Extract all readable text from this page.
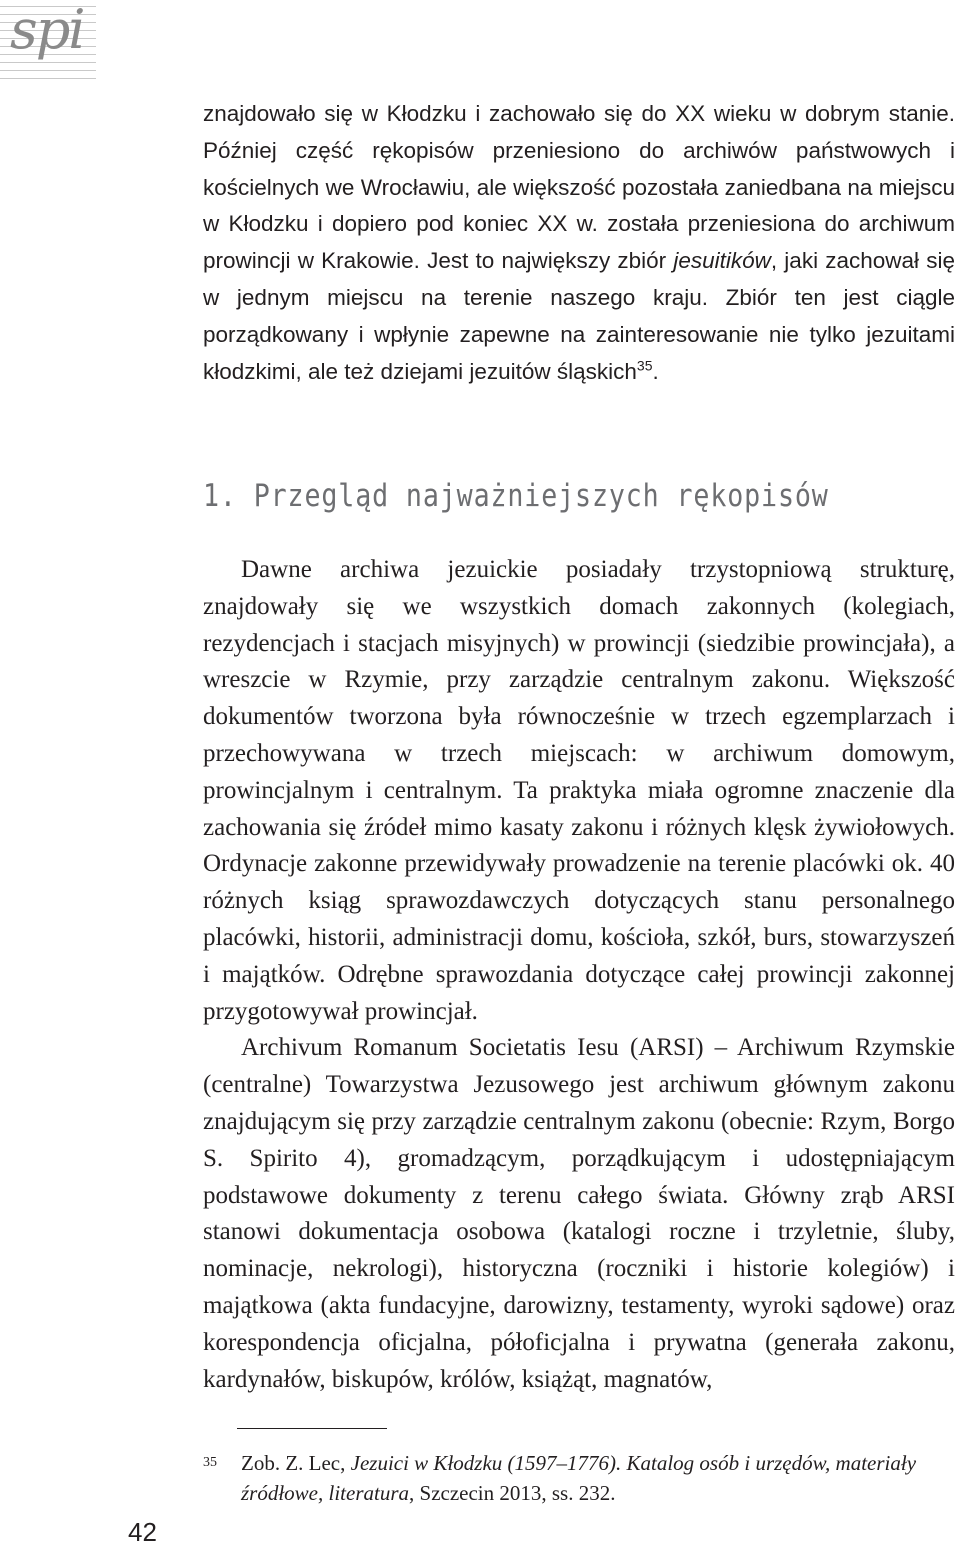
spi

znajdowało się w Kłodzku i zachowało się do XX wieku w dobrym stanie. Później część rękopisów przeniesiono do archiwów państwowych i kościelnych we Wrocławiu, ale większość pozostała zaniedbana na miejscu w Kłodzku i dopiero pod koniec XX w. została przeniesiona do archiwum prowincji w Krakowie. Jest to największy zbiór jesuitików, jaki zachował się w jednym miejscu na terenie naszego kraju. Zbiór ten jest ciągle porządkowany i wpłynie zapewne na zainteresowanie nie tylko jezuitami kłodzkimi, ale też dziejami jezuitów śląskich$^{35}$.

1. Przegląd najważniejszych rękopisów

Dawne archiwa jezuickie posiadały trzystopniową strukturę, znajdowały się we wszystkich domach zakonnych (kolegiach, rezydencjach i stacjach misyjnych) w prowincji (siedzibie prowincjała), a wreszcie w Rzymie, przy zarządzie centralnym zakonu. Większość dokumentów tworzona była równocześnie w trzech egzemplarzach i przechowywana w trzech miejscach: w archiwum domowym, prowincjalnym i centralnym. Ta praktyka miała ogromne znaczenie dla zachowania się źródeł mimo kasaty zakonu i różnych klęsk żywiołowych. Ordynacje zakonne przewidywały prowadzenie na terenie placówki ok. 40 różnych ksiąg sprawozdawczych dotyczących stanu personalnego placówki, historii, administracji domu, kościoła, szkół, burs, stowarzyszeń i majątków. Odrębne sprawozdania dotyczące całej prowincji zakonnej przygotowywał prowincjał.

Archivum Romanum Societatis Iesu (ARSI) – Archiwum Rzymskie (centralne) Towarzystwa Jezusowego jest archiwum głównym zakonu znajdującym się przy zarządzie centralnym zakonu (obecnie: Rzym, Borgo S. Spirito 4), gromadzącym, porządkującym i udostępniającym podstawowe dokumenty z terenu całego świata. Główny zrąb ARSI stanowi dokumentacja osobowa (katalogi roczne i trzyletnie, śluby, nominacje, nekrologi), historyczna (roczniki i historie kolegiów) i majątkowa (akta fundacyjne, darowizny, testamenty, wyroki sądowe) oraz korespondencja oficjalna, półoficjalna i prywatna (generała zakonu, kardynałów, biskupów, królów, książąt, magnatów,

35 Zob. Z. Lec, Jezuici w Kłodzku (1597–1776). Katalog osób i urzędów, materiały źródłowe, literatura, Szczecin 2013, ss. 232.
42
